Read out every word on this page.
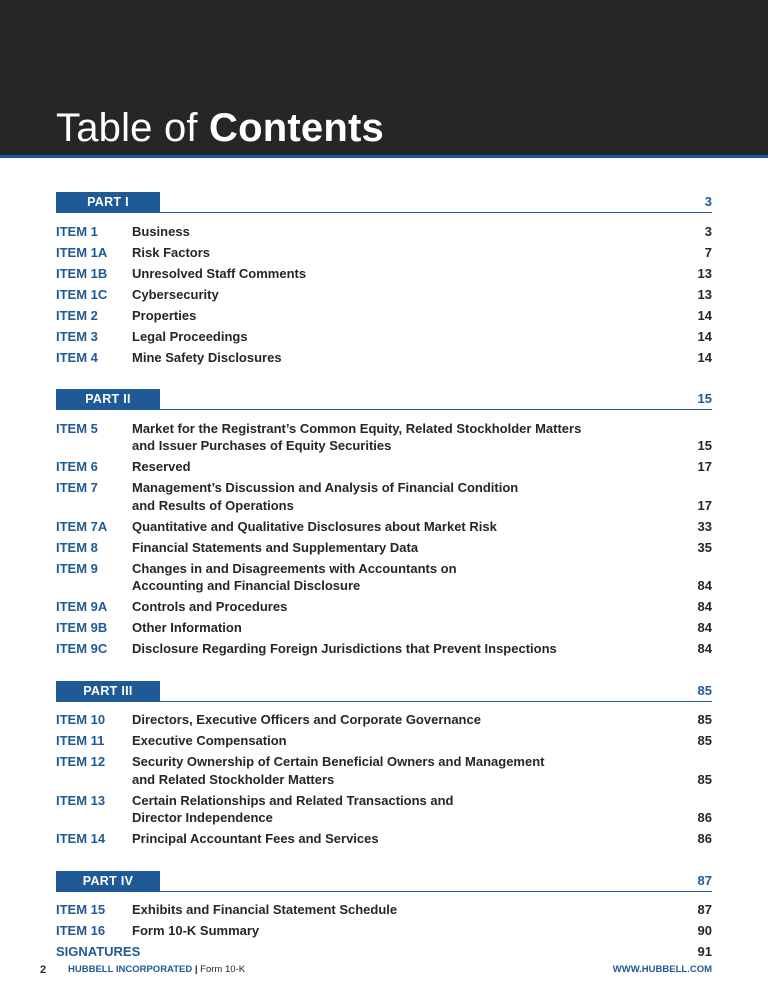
Table of Contents
PART I	3
ITEM 1	Business	3
ITEM 1A	Risk Factors	7
ITEM 1B	Unresolved Staff Comments	13
ITEM 1C	Cybersecurity	13
ITEM 2	Properties	14
ITEM 3	Legal Proceedings	14
ITEM 4	Mine Safety Disclosures	14
PART II	15
ITEM 5	Market for the Registrant’s Common Equity, Related Stockholder Matters
and Issuer Purchases of Equity Securities	15
ITEM 6	Reserved	17
ITEM 7	Management’s Discussion and Analysis of Financial Condition
and Results of Operations	17
ITEM 7A	Quantitative and Qualitative Disclosures about Market Risk	33
ITEM 8	Financial Statements and Supplementary Data	35
ITEM 9	Changes in and Disagreements with Accountants on
Accounting and Financial Disclosure	84
ITEM 9A	Controls and Procedures	84
ITEM 9B	Other Information	84
ITEM 9C	Disclosure Regarding Foreign Jurisdictions that Prevent Inspections	84
PART III	85
ITEM 10	Directors, Executive Officers and Corporate Governance	85
ITEM 11	Executive Compensation	85
ITEM 12	Security Ownership of Certain Beneficial Owners and Management
and Related Stockholder Matters	85
ITEM 13	Certain Relationships and Related Transactions and
Director Independence	86
ITEM 14	Principal Accountant Fees and Services	86
PART IV	87
ITEM 15	Exhibits and Financial Statement Schedule	87
ITEM 16	Form 10-K Summary	90
SIGNATURES	91
2 HUBBELL INCORPORATED | Form 10-K	WWW.HUBBELL.COM
